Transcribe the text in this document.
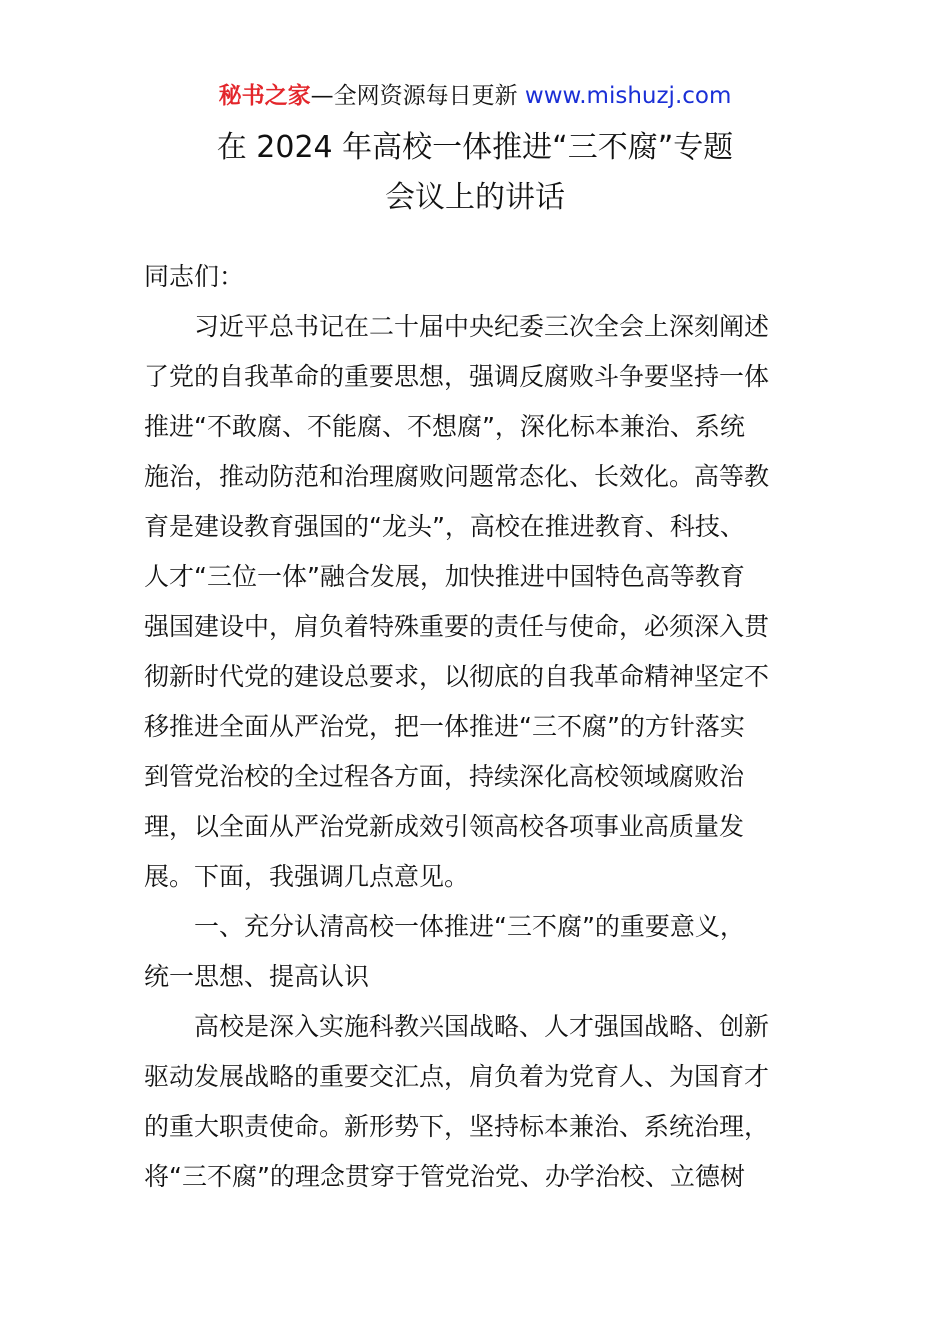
秘书之家—全网资源每日更新 www.mishuzj.com
在 2024 年高校一体推进“三不腐”专题
会议上的讲话
同志们：
习近平总书记在二十届中央纪委三次全会上深刻阐述
了党的自我革命的重要思想，强调反腐败斗争要坚持一体
推进“不敢腐、不能腐、不想腐”，深化标本兼治、系统
施治，推动防范和治理腐败问题常态化、长效化。高等教
育是建设教育强国的“龙头”，高校在推进教育、科技、
人才“三位一体”融合发展，加快推进中国特色高等教育
强国建设中，肩负着特殊重要的责任与使命，必须深入贯
彻新时代党的建设总要求，以彻底的自我革命精神坚定不
移推进全面从严治党，把一体推进“三不腐”的方针落实
到管党治校的全过程各方面，持续深化高校领域腐败治
理，以全面从严治党新成效引领高校各项事业高质量发
展。下面，我强调几点意见。
一、充分认清高校一体推进“三不腐”的重要意义，
统一思想、提高认识
高校是深入实施科教兴国战略、人才强国战略、创新
驱动发展战略的重要交汇点，肩负着为党育人、为国育才
的重大职责使命。新形势下，坚持标本兼治、系统治理，
将“三不腐”的理念贯穿于管党治党、办学治校、立德树
